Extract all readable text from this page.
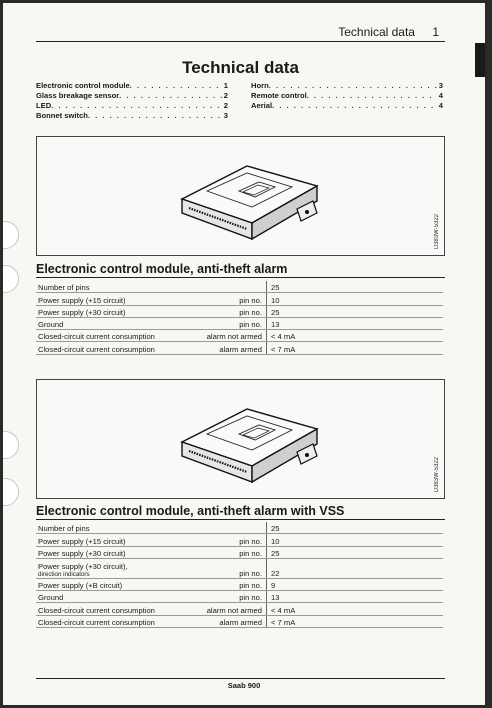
Technical data 1
Technical data
Electronic control module . . .	1
Glass breakage sensor . . .	2
LED . . .	2
Bonnet switch . . .	3
Horn . . .	3
Remote control . . .	4
Aerial . . .	4
D383W-5322
Electronic control module, anti-theft alarm
Number of pins		25
Power supply (+15 circuit)	pin no.	10
Power supply (+30 circuit)	pin no.	25
Ground	pin no.	13
Closed-circuit current consumption	alarm not armed	< 4 mA
Closed-circuit current consumption	alarm armed	< 7 mA
D383W-5322
Electronic control module, anti-theft alarm with VSS
Number of pins		25
Power supply (+15 circuit)	pin no.	10
Power supply (+30 circuit)	pin no.	25
Power supply (+30 circuit),
direction indicators	pin no.	22
Power supply (+B circuit)	pin no.	9
Ground	pin no.	13
Closed-circuit current consumption	alarm not armed	< 4 mA
Closed-circuit current consumption	alarm armed	< 7 mA
Saab 900
